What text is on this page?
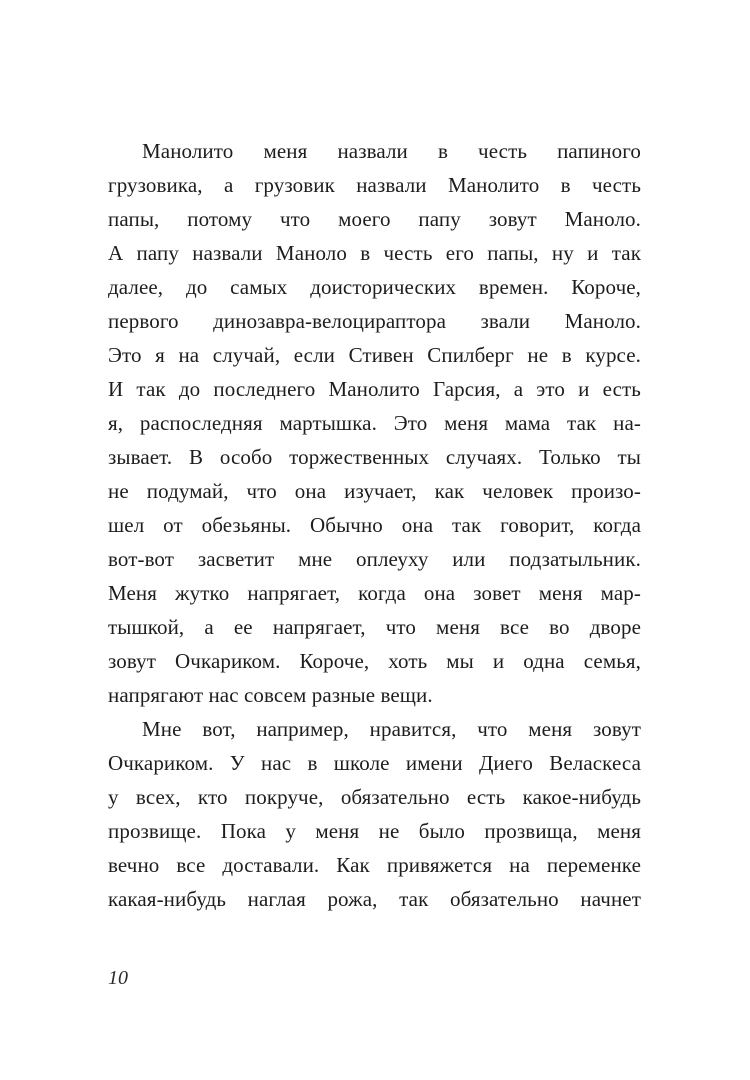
Манолито меня назвали в честь папиного
грузовика, а грузовик назвали Манолито в честь
папы, потому что моего папу зовут Маноло.
А папу назвали Маноло в честь его папы, ну и так
далее, до самых доисторических времен. Короче,
первого динозавра-велоцираптора звали Маноло.
Это я на случай, если Стивен Спилберг не в курсе.
И так до последнего Манолито Гарсия, а это и есть
я, распоследняя мартышка. Это меня мама так на-
зывает. В особо торжественных случаях. Только ты
не подумай, что она изучает, как человек произо-
шел от обезьяны. Обычно она так говорит, когда
вот-вот засветит мне оплеуху или подзатыльник.
Меня жутко напрягает, когда она зовет меня мар-
тышкой, а ее напрягает, что меня все во дворе
зовут Очкариком. Короче, хоть мы и одна семья,
напрягают нас совсем разные вещи.
Мне вот, например, нравится, что меня зовут
Очкариком. У нас в школе имени Диего Веласкеса
у всех, кто покруче, обязательно есть какое-нибудь
прозвище. Пока у меня не было прозвища, меня
вечно все доставали. Как привяжется на переменке
какая-нибудь наглая рожа, так обязательно начнет
10
